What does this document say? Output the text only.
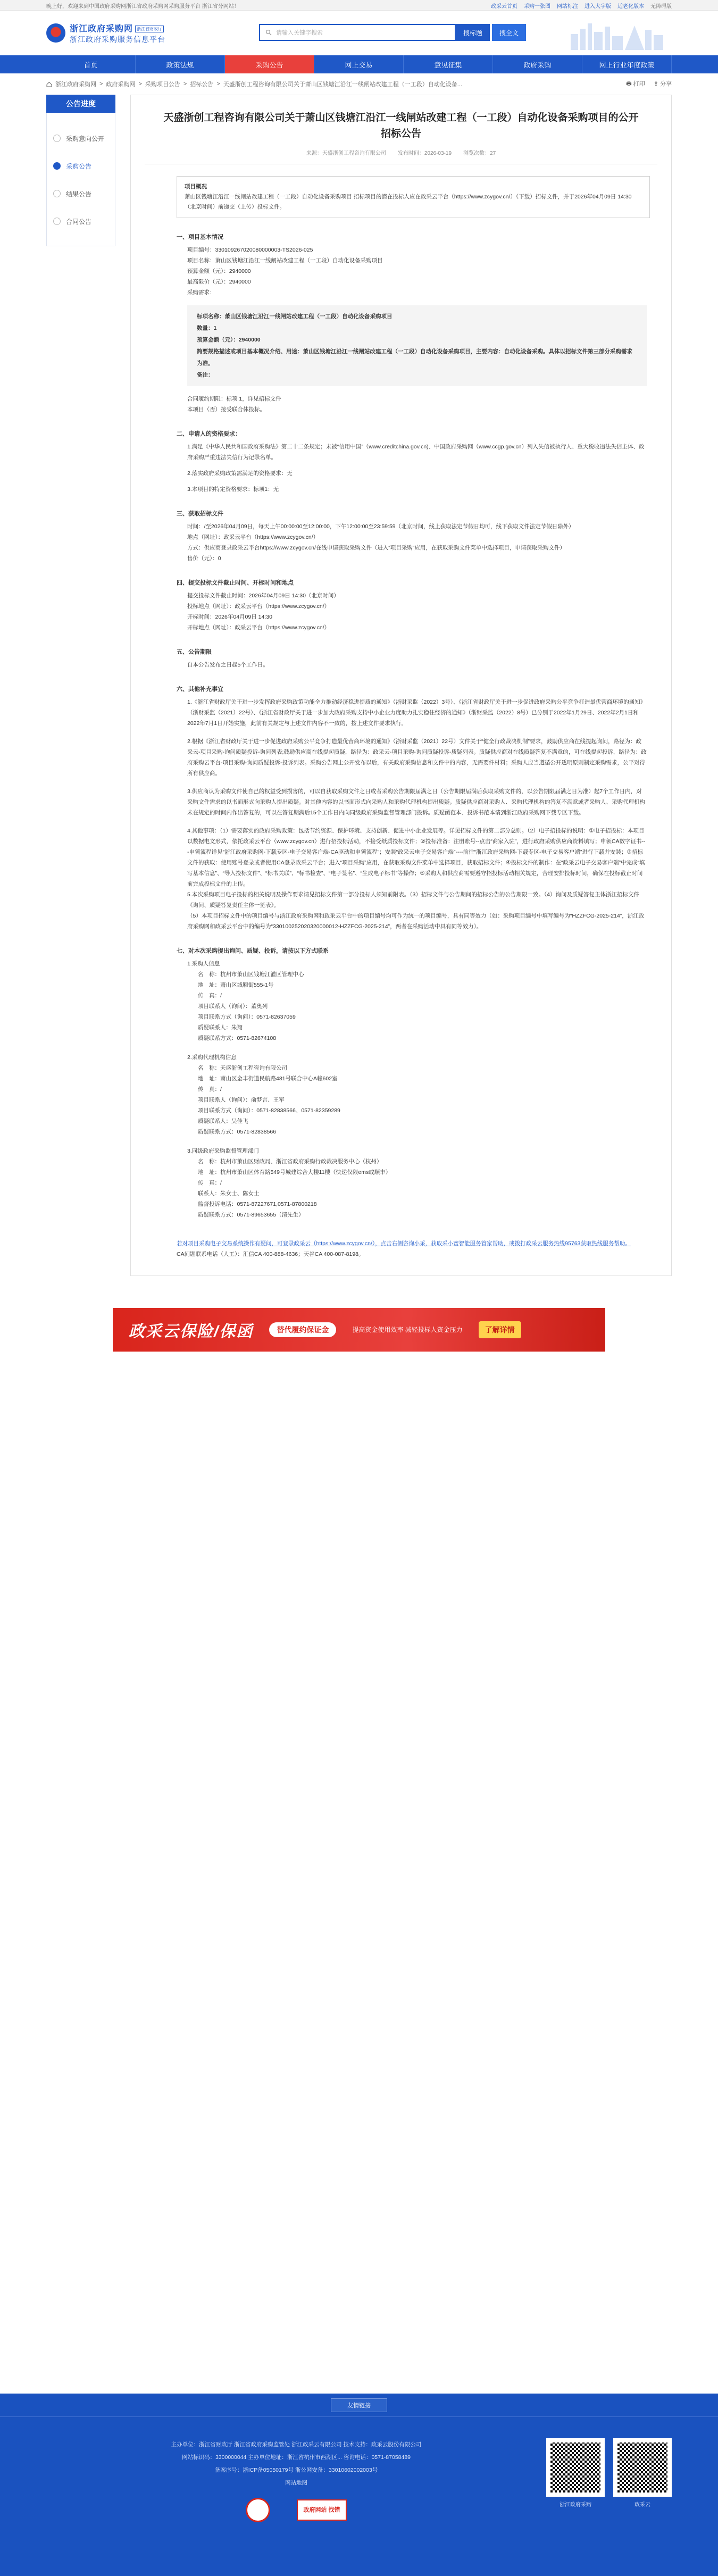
晚上好，欢迎来到中国政府采购网浙江省政府采购网采购服务平台 浙江省分网站！	政采云首页 采购一张图 网站标注 进入大字版 适老化版本 无障碍版
浙江政府采购网 浙江省财政厅
浙江政府采购服务信息平台
请输入关键字搜索	搜标题	搜全文
首页	政策法规	采购公告	网上交易	意见征集	政府采购	网上行业年度政策
浙江政府采购网 > 政府采购网 > 采购项目公告 > 招标公告 > 天盛浙创工程咨询有限公司关于萧山区钱塘江沿江一线闸站改建工程（一工段）自动化设备...	🖶 打印 ⇪ 分享
公告进度
采购意向公开
采购公告
结果公告
合同公告
天盛浙创工程咨询有限公司关于萧山区钱塘江沿江一线闸站改建工程（一工段）自动化设备采购项目的公开招标公告
来源：天盛浙创工程咨询有限公司 发布时间：2026-03-19 浏览次数：27
项目概况

萧山区钱塘江沿江一线闸站改建工程（一工段）自动化设备采购项目 招标项目的潜在投标人应在政采云平台（https://www.zcygov.cn/）（下载）招标文件，并于2026年04月09日 14:30（北京时间）前递交（上传）投标文件。

一、项目基本情况

项目编号：330109267020080000003-TS2026-025

项目名称：萧山区钱塘江沿江一线闸站改建工程（一工段）自动化设备采购项目

预算金额（元）：2940000

最高限价（元）：2940000

采购需求：

标项名称：萧山区钱塘江沿江一线闸站改建工程（一工段）自动化设备采购项目

数量：1

预算金额（元）：2940000

简要规格描述或项目基本概况介绍、用途：萧山区钱塘江沿江一线闸站改建工程（一工段）自动化设备采购项目，主要内容：自动化设备采购。具体以招标文件第三部分采购需求为准。

备注：

合同履约期限：标项 1，详见招标文件

本项目（否）接受联合体投标。

二、申请人的资格要求：

1.满足《中华人民共和国政府采购法》第二十二条规定；未被“信用中国”（www.creditchina.gov.cn)、中国政府采购网（www.ccgp.gov.cn）列入失信被执行人、重大税收违法失信主体、政府采购严重违法失信行为记录名单。

2.落实政府采购政策需满足的资格要求：无

3.本项目的特定资格要求：标项1：无

三、获取招标文件

时间：/至2026年04月09日，每天上午00:00:00至12:00:00，下午12:00:00至23:59:59（北京时间，线上获取法定节假日均可，线下获取文件法定节假日除外）

地点（网址）：政采云平台（https://www.zcygov.cn/）

方式：供应商登录政采云平台https://www.zcygov.cn/在线申请获取采购文件（进入“项目采购”应用，在获取采购文件菜单中选择项目，申请获取采购文件）

售价（元）：0

四、提交投标文件截止时间、开标时间和地点

提交投标文件截止时间：2026年04月09日 14:30（北京时间）

投标地点（网址）：政采云平台（https://www.zcygov.cn/）

开标时间：2026年04月09日 14:30

开标地点（网址）：政采云平台（https://www.zcygov.cn/）

五、公告期限

自本公告发布之日起5个工作日。

六、其他补充事宜

1.《浙江省财政厅关于进一步发挥政府采购政策功能全力推动经济稳进提质的通知》（浙财采监（2022）3号）、《浙江省财政厅关于进一步促进政府采购公平竞争打造最优营商环境的通知》（浙财采监（2021）22号）、《浙江省财政厅关于进一步加大政府采购支持中小企业力度助力扎实稳住经济的通知》（浙财采监（2022）8号）已分别于2022年1月29日、2022年2月1日和2022年7月1日开始实施，此前有关规定与上述文件内容不一致的，按上述文件要求执行。

2.根据《浙江省财政厅关于进一步促进政府采购公平竞争打造最优营商环境的通知》（浙财采监（2021）22号）文件关于“健全行政裁决机制”要求，鼓励供应商在线提起询问，路径为：政采云-项目采购-询问质疑投诉-询问列表;鼓励供应商在线提起质疑，路径为：政采云-项目采购-询问质疑投诉-质疑列表。质疑供应商对在线质疑答复不满意的，可在线提起投诉，路径为：政府采购云平台-项目采购-询问质疑投诉-投诉列表。采购公告网上公开发布以后，有关政府采购信息和文件中的内容，无需要件材料；采购人应当遵循公开透明原则制定采购需求，公平对待所有供应商。

3.供应商认为采购文件使自己的权益受到损害的，可以自获取采购文件之日或者采购公告期限届满之日（公告期限届满后获取采购文件的，以公告期限届满之日为准）起7个工作日内，对采购文件需求的以书面形式向采购人提出质疑。对其他内容的以书面形式向采购人和采购代理机构提出质疑。质疑供应商对采购人、采购代理机构的答复不满意或者采购人、采购代理机构未在规定的时间内作出答复的，可以在答复期满后15个工作日内向同级政府采购监督管理部门投诉。质疑函范本、投诉书范本请到浙江政府采购网下载专区下载。

4.其他事项：（1）需要落实的政府采购政策：包括节约资源、保护环境、支持创新、促进中小企业发展等。详见招标文件的第二部分总则。（2）电子招投标的说明：①电子招投标：本项目以数据电文形式，依托政采云平台（www.zcygov.cn）进行招投标活动，不接受纸质投标文件；②投标准备：注册账号--点击“商家入驻”，进行政府采购供应商资料填写；申领CA数字证书---申领流程详见“浙江政府采购网-下载专区-电子交易客户端-CA驱动和申领流程”；安装“政采云电子交易客户端”----前往“浙江政府采购网-下载专区-电子交易客户端”进行下载并安装；③招标文件的获取：使用账号登录或者使用CA登录政采云平台；进入“项目采购”应用，在获取采购文件菜单中选择项目，获取招标文件；④投标文件的制作：在“政采云电子交易客户端”中完成“填写基本信息”、“导入投标文件”、“标书关联”、“标书检查”、“电子签名”、“生成电子标书”等操作；⑤采购人和供应商需要遵守招投标活动相关规定，合理安排投标时间，确保在投标截止时间前完成投标文件的上传。

5.本次采购项目电子投标的相关说明及操作要求请见招标文件第一部分投标人须知前附表。（3）招标文件与公告期间的招标公告的公告期限一致。（4）询问及质疑答复主体浙江招标文件《询问、质疑答复责任主体一览表》。

（5）本项目招标文件中的项目编号与浙江政府采购网和政采云平台中的项目编号均可作为统一的项目编号，具有同等效力（如：采购项目编号中填写编号为“HZZFCG-2025-214”，浙江政府采购网和政采云平台中的编号为“330100252020320000012-HZZFCG-2025-214”，两者在采购活动中具有同等效力）。

七、对本次采购提出询问、质疑、投诉，请按以下方式联系

1.采购人信息

名　称：杭州市萧山区钱塘江灌区管理中心

地　址：萧山区城厢街555-1号

传　真：/

项目联系人（询问）：董奥列

项目联系方式（询问）：0571-82637059

质疑联系人：朱翔

质疑联系方式：0571-82674108

2.采购代理机构信息

名　称：天盛浙创工程咨询有限公司

地　址：萧山区金丰街道民航路481号联合中心A幢602室

传　真：/

项目联系人（询问）：俞梦言、王军

项目联系方式（询问）：0571-82838566、0571-82359289

质疑联系人：吴佳飞

质疑联系方式：0571-82838566

3.同级政府采购监督管理部门

名　称：杭州市萧山区财政局、浙江省政府采购行政裁决服务中心（杭州）

地　址：杭州市萧山区体育路549号城建综合大楼11楼（快递仅限ems或顺丰）

传　真：/

联系人：朱女士、陈女士

监督投诉电话：0571-87227671,0571-87800218

质疑联系方式：0571-89653655（清先生）

若对项目采购电子交易系统操作有疑问，可登录政采云（https://www.zcygov.cn/），点击右侧咨询小采，获取采小蜜智能服务管家帮助，或拨打政采云服务热线95763获取热线服务帮助。

CA问题联系电话（人工）：汇信CA 400-888-4636；天谷CA 400-087-8198。

政采云保险/保函	替代履约保证金	提高资金使用效率 减轻投标人资金压力	了解详情
友情链接

主办单位：浙江省财政厅 浙江省政府采购监管处 浙江政采云有限公司 技术支持：政采云股份有限公司

网站标识码：3300000044 主办单位地址：浙江省杭州市西湖区... 咨询电话：0571-87058489

备案序号：浙ICP备05050179号 浙公网安备：33010602002003号

网站地图

政府网站 找错
浙江政府采购	政采云
